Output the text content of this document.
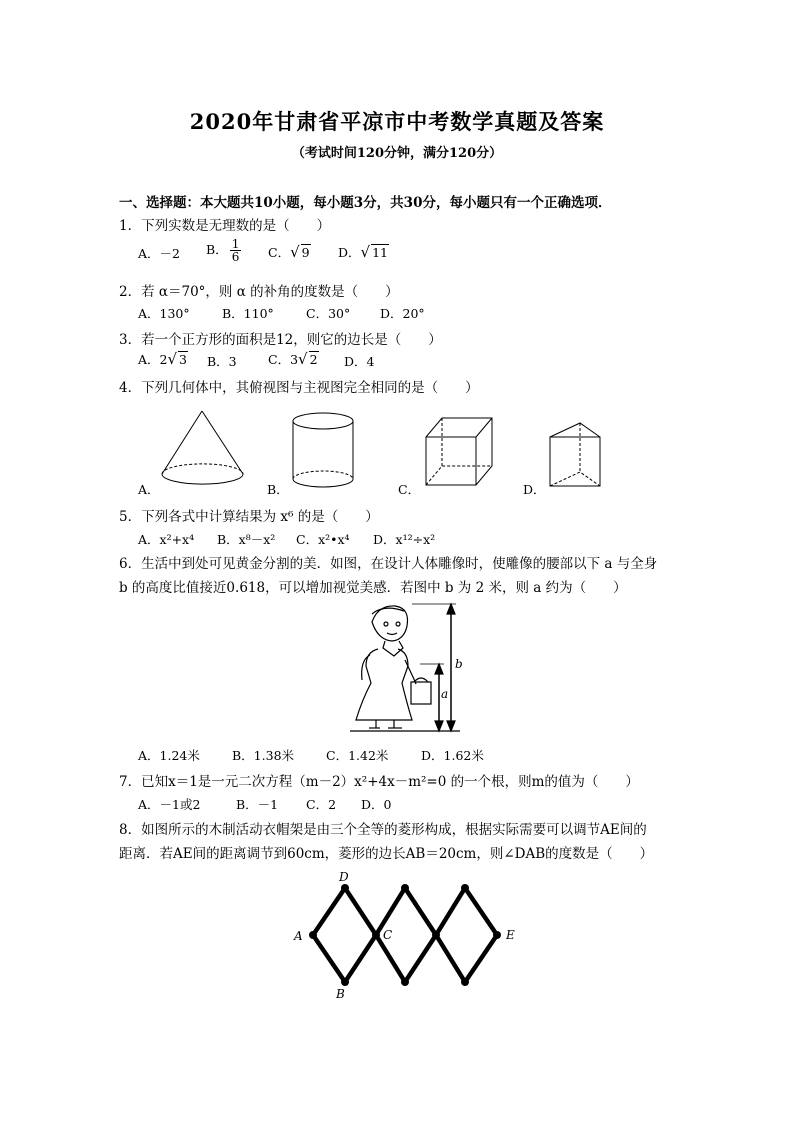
2020年甘肃省平凉市中考数学真题及答案
（考试时间120分钟，满分120分）
一、选择题：本大题共10小题，每小题3分，共30分，每小题只有一个正确选项．
1．下列实数是无理数的是（　　）
A．－2 B． $\frac{1}{6}$ C．√ 9 D．√ 11
2．若 α＝70°，则 α 的补角的度数是（　　）
A．130°	B．110°	C．30° D．20°
3．若一个正方形的面积是12，则它的边长是（　　）
A．2√ 3 B．3	C．3√ 2 D．4
4．下列几何体中，其俯视图与主视图完全相同的是（　　）
b
a
A
B
C
D
E
A．	B．	C．	D．
5．下列各式中计算结果为 x⁶ 的是（　　）
A．x²+x⁴ B．x⁸－x² C．x²•x⁴ D．x¹²÷x²
6．生活中到处可见黄金分割的美．如图，在设计人体雕像时，使雕像的腰部以下 a 与全身
b 的高度比值接近0.618，可以增加视觉美感．若图中 b 为 2 米，则 a 约为（　　）
A．1.24米	B．1.38米	C．1.42米	D．1.62米
7．已知x＝1是一元二次方程（m－2）x²+4x－m²=0 的一个根，则m的值为（　　）
A．－1或2	B．－1 C．2 D．0
8．如图所示的木制活动衣帽架是由三个全等的菱形构成，根据实际需要可以调节AE间的
距离．若AE间的距离调节到60cm，菱形的边长AB＝20cm，则∠DAB的度数是（　　）
